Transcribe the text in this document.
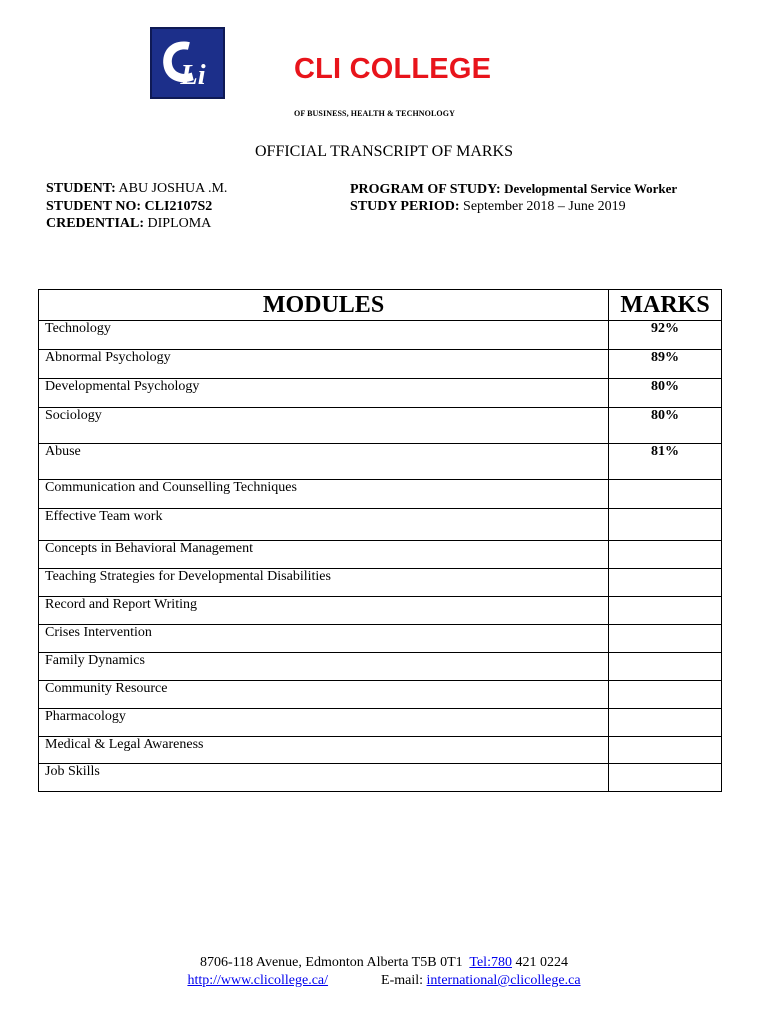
Li	CLI COLLEGE
OF BUSINESS, HEALTH & TECHNOLOGY
OFFICIAL TRANSCRIPT OF MARKS
STUDENT: ABU JOSHUA .M.
STUDENT NO: CLI2107S2
CREDENTIAL: DIPLOMA
PROGRAM OF STUDY: Developmental Service Worker
STUDY PERIOD: September 2018 – June 2019
MODULES	MARKS
Technology	92%
Abnormal Psychology	89%
Developmental Psychology	80%
Sociology	80%
Abuse	81%
Communication and Counselling Techniques	
Effective Team work	
Concepts in Behavioral Management	
Teaching Strategies for Developmental Disabilities	
Record and Report Writing	
Crises Intervention	
Family Dynamics	
Community Resource	
Pharmacology	
Medical & Legal Awareness	
Job Skills	
8706-118 Avenue, Edmonton Alberta T5B 0T1 Tel:780 421 0224
http://www.clicollege.ca/	E-mail: international@clicollege.ca
